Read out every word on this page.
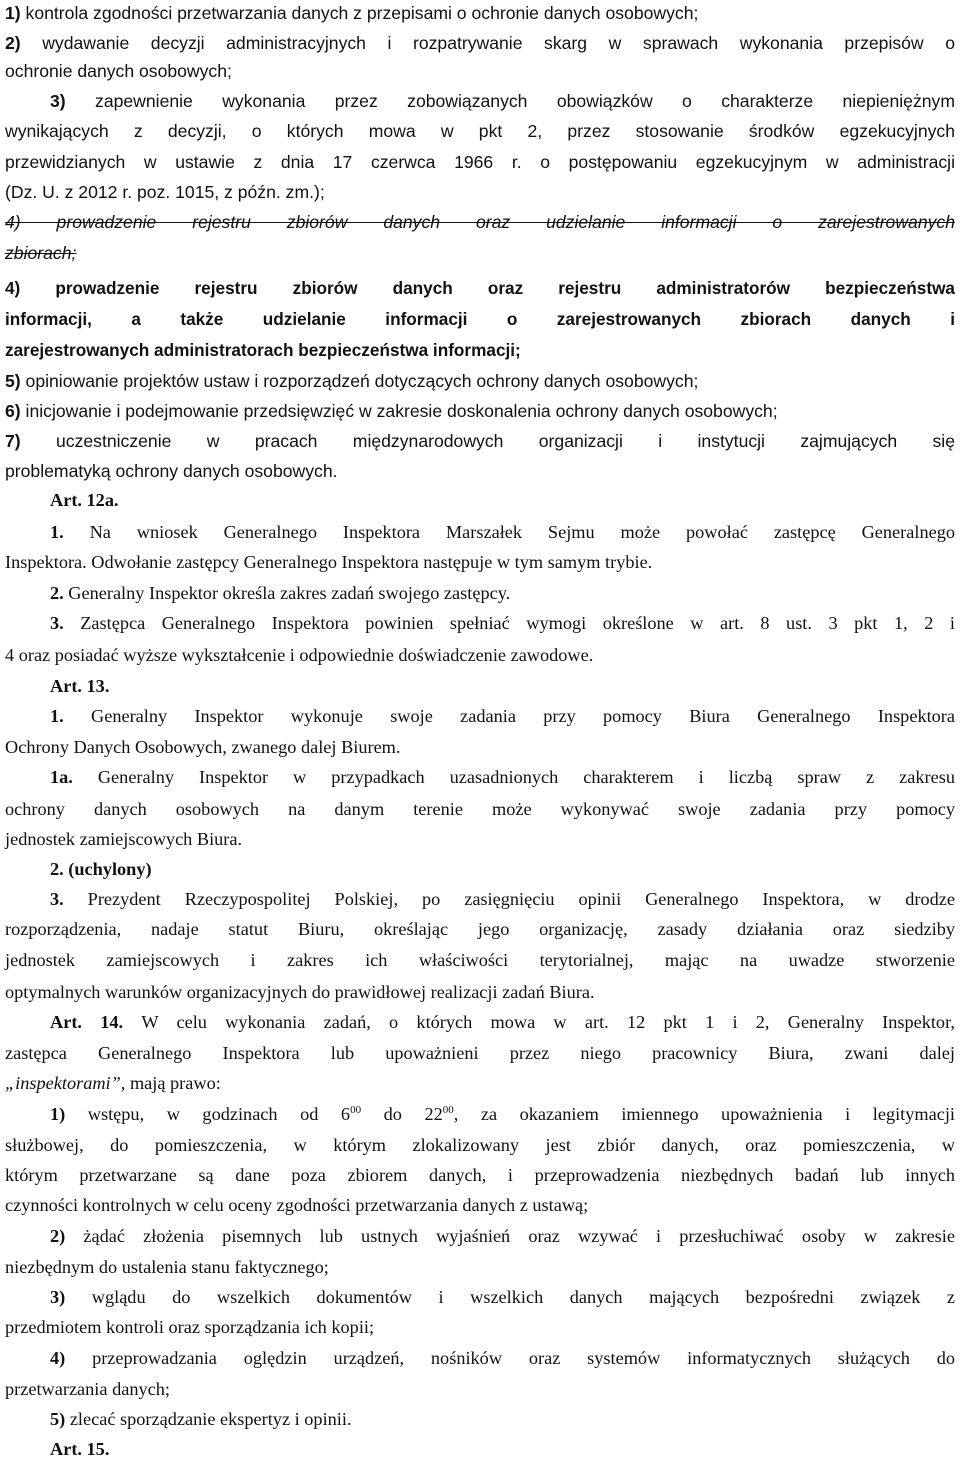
1) kontrola zgodności przetwarzania danych z przepisami o ochronie danych osobowych;
2) wydawanie decyzji administracyjnych i rozpatrywanie skarg w sprawach wykonania przepisów o
ochronie danych osobowych;
3) zapewnienie wykonania przez zobowiązanych obowiązków o charakterze niepieniężnym
wynikających z decyzji, o których mowa w pkt 2, przez stosowanie środków egzekucyjnych
przewidzianych w ustawie z dnia 17 czerwca 1966 r. o postępowaniu egzekucyjnym w administracji
(Dz. U. z 2012 r. poz. 1015, z późn. zm.);
4) prowadzenie rejestru zbiorów danych oraz udzielanie informacji o zarejestrowanych
zbiorach;
4) prowadzenie rejestru zbiorów danych oraz rejestru administratorów bezpieczeństwa
informacji, a także udzielanie informacji o zarejestrowanych zbiorach danych i
zarejestrowanych administratorach bezpieczeństwa informacji;
5) opiniowanie projektów ustaw i rozporządzeń dotyczących ochrony danych osobowych;
6) inicjowanie i podejmowanie przedsięwzięć w zakresie doskonalenia ochrony danych osobowych;
7) uczestniczenie w pracach międzynarodowych organizacji i instytucji zajmujących się
problematyką ochrony danych osobowych.
Art. 12a.
1. Na wniosek Generalnego Inspektora Marszałek Sejmu może powołać zastępcę Generalnego
Inspektora. Odwołanie zastępcy Generalnego Inspektora następuje w tym samym trybie.
2. Generalny Inspektor określa zakres zadań swojego zastępcy.
3. Zastępca Generalnego Inspektora powinien spełniać wymogi określone w art. 8 ust. 3 pkt 1, 2 i
4 oraz posiadać wyższe wykształcenie i odpowiednie doświadczenie zawodowe.
Art. 13.
1. Generalny Inspektor wykonuje swoje zadania przy pomocy Biura Generalnego Inspektora
Ochrony Danych Osobowych, zwanego dalej Biurem.
1a. Generalny Inspektor w przypadkach uzasadnionych charakterem i liczbą spraw z zakresu
ochrony danych osobowych na danym terenie może wykonywać swoje zadania przy pomocy
jednostek zamiejscowych Biura.
2. (uchylony)
3. Prezydent Rzeczypospolitej Polskiej, po zasięgnięciu opinii Generalnego Inspektora, w drodze
rozporządzenia, nadaje statut Biuru, określając jego organizację, zasady działania oraz siedziby
jednostek zamiejscowych i zakres ich właściwości terytorialnej, mając na uwadze stworzenie
optymalnych warunków organizacyjnych do prawidłowej realizacji zadań Biura.
Art. 14. W celu wykonania zadań, o których mowa w art. 12 pkt 1 i 2, Generalny Inspektor,
zastępca Generalnego Inspektora lub upoważnieni przez niego pracownicy Biura, zwani dalej
„inspektorami”, mają prawo:
1) wstępu, w godzinach od $6^{00}$ do $22^{00}$, za okazaniem imiennego upoważnienia i legitymacji
służbowej, do pomieszczenia, w którym zlokalizowany jest zbiór danych, oraz pomieszczenia, w
którym przetwarzane są dane poza zbiorem danych, i przeprowadzenia niezbędnych badań lub innych
czynności kontrolnych w celu oceny zgodności przetwarzania danych z ustawą;
2) żądać złożenia pisemnych lub ustnych wyjaśnień oraz wzywać i przesłuchiwać osoby w zakresie
niezbędnym do ustalenia stanu faktycznego;
3) wglądu do wszelkich dokumentów i wszelkich danych mających bezpośredni związek z
przedmiotem kontroli oraz sporządzania ich kopii;
4) przeprowadzania oględzin urządzeń, nośników oraz systemów informatycznych służących do
przetwarzania danych;
5) zlecać sporządzanie ekspertyz i opinii.
Art. 15.
